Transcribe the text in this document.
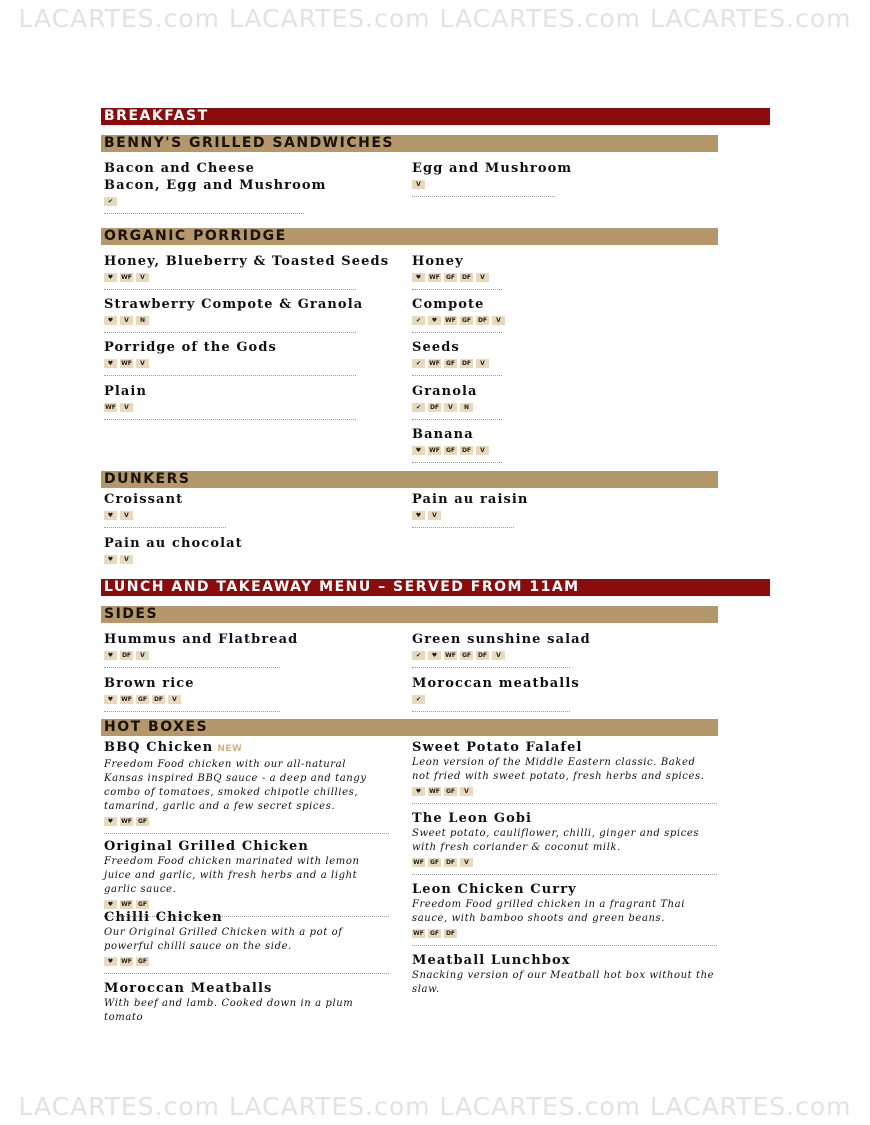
LACARTES.com LACARTES.com LACARTES.com LACARTES.com
BREAKFAST
BENNY'S GRILLED SANDWICHES
ORGANIC PORRIDGE
DUNKERS
LUNCH AND TAKEAWAY MENU – SERVED FROM 11AM
SIDES
HOT BOXES
Bacon and Cheese
Bacon, Egg and Mushroom
✔
Egg and Mushroom
V
Honey, Blueberry & Toasted Seeds
♥ WF V
Honey
♥ WF GF DF V
Strawberry Compote & Granola
♥ V N
Compote
✔ ♥ WF GF DF V
Porridge of the Gods
♥ WF V
Seeds
✔ WF GF DF V
Plain
WF V
Granola
✔ DF V N
Banana
♥ WF GF DF V
Croissant
♥ V
Pain au raisin
♥ V
Pain au chocolat
♥ V
Hummus and Flatbread
♥ DF V
Green sunshine salad
✔ ♥ WF GF DF V
Brown rice
♥ WF GF DF V
Moroccan meatballs
✔
BBQ Chicken NEW
Freedom Food chicken with our all-natural Kansas inspired BBQ sauce - a deep and tangy combo of tomatoes, smoked chipotle chillies, tamarind, garlic and a few secret spices.
♥ WF GF
Original Grilled Chicken
Freedom Food chicken marinated with lemon juice and garlic, with fresh herbs and a light garlic sauce.
♥ WF GF
Chilli Chicken
Our Original Grilled Chicken with a pot of powerful chilli sauce on the side.
♥ WF GF
Moroccan Meatballs
With beef and lamb. Cooked down in a plum tomato
Sweet Potato Falafel
Leon version of the Middle Eastern classic. Baked not fried with sweet potato, fresh herbs and spices.
♥ WF GF V
The Leon Gobi
Sweet potato, cauliflower, chilli, ginger and spices with fresh coriander & coconut milk.
WF GF DF V
Leon Chicken Curry
Freedom Food grilled chicken in a fragrant Thai sauce, with bamboo shoots and green beans.
WF GF DF
Meatball Lunchbox
Snacking version of our Meatball hot box without the slaw.
LACARTES.com LACARTES.com LACARTES.com LACARTES.com
